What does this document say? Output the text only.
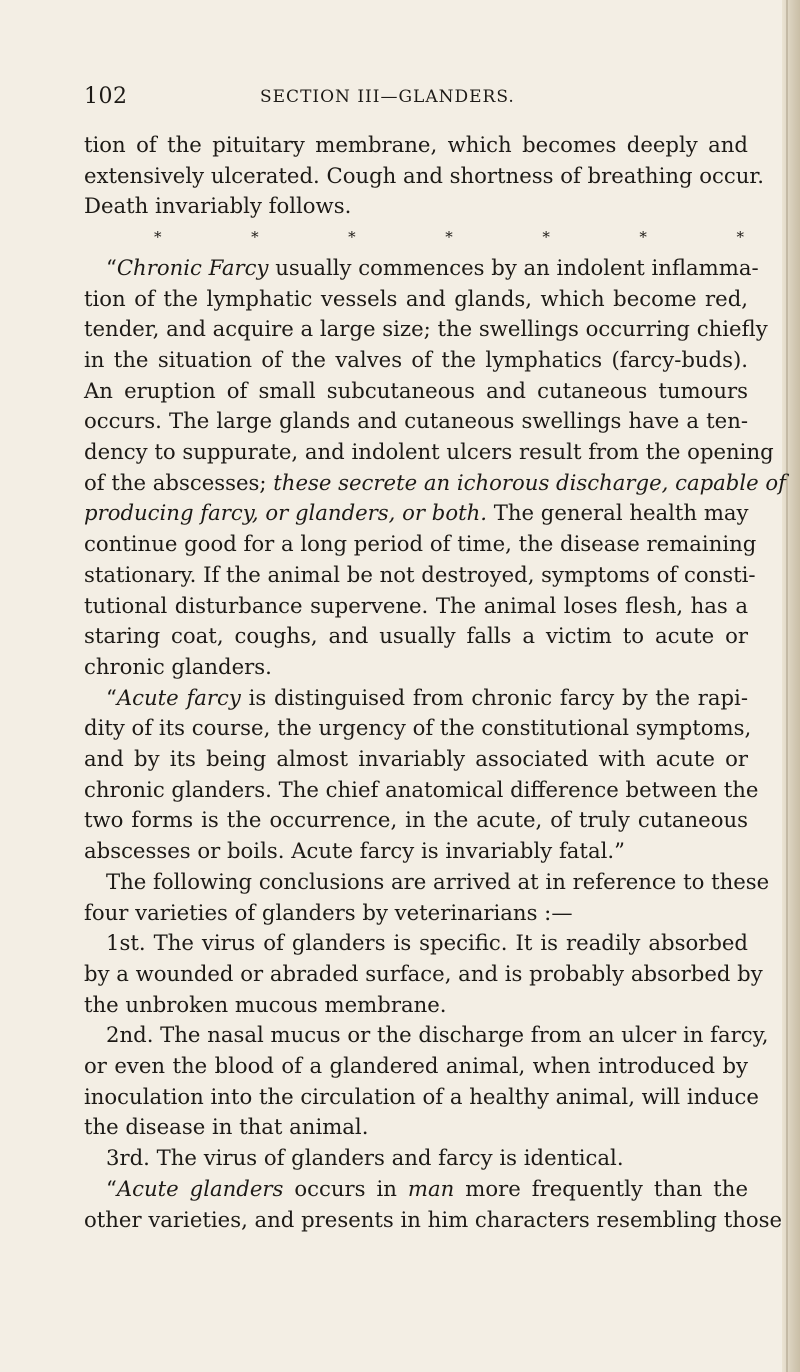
102	SECTION III—GLANDERS.
tion of the pituitary membrane, which becomes deeply and
extensively ulcerated. Cough and shortness of breathing occur.
Death invariably follows.
*	*	*	*	*	*	*
“Chronic Farcy usually commences by an indolent inflamma-
tion of the lymphatic vessels and glands, which become red,
tender, and acquire a large size; the swellings occurring chiefly
in the situation of the valves of the lymphatics (farcy-buds).
An eruption of small subcutaneous and cutaneous tumours
occurs. The large glands and cutaneous swellings have a ten-
dency to suppurate, and indolent ulcers result from the opening
of the abscesses; these secrete an ichorous discharge, capable of
producing farcy, or glanders, or both. The general health may
continue good for a long period of time, the disease remaining
stationary. If the animal be not destroyed, symptoms of consti-
tutional disturbance supervene. The animal loses flesh, has a
staring coat, coughs, and usually falls a victim to acute or
chronic glanders.
“Acute farcy is distinguised from chronic farcy by the rapi-
dity of its course, the urgency of the constitutional symptoms,
and by its being almost invariably associated with acute or
chronic glanders. The chief anatomical difference between the
two forms is the occurrence, in the acute, of truly cutaneous
abscesses or boils. Acute farcy is invariably fatal.”
The following conclusions are arrived at in reference to these
four varieties of glanders by veterinarians :—
1st. The virus of glanders is specific. It is readily absorbed
by a wounded or abraded surface, and is probably absorbed by
the unbroken mucous membrane.
2nd. The nasal mucus or the discharge from an ulcer in farcy,
or even the blood of a glandered animal, when introduced by
inoculation into the circulation of a healthy animal, will induce
the disease in that animal.
3rd. The virus of glanders and farcy is identical.
“Acute glanders occurs in man more frequently than the
other varieties, and presents in him characters resembling those
